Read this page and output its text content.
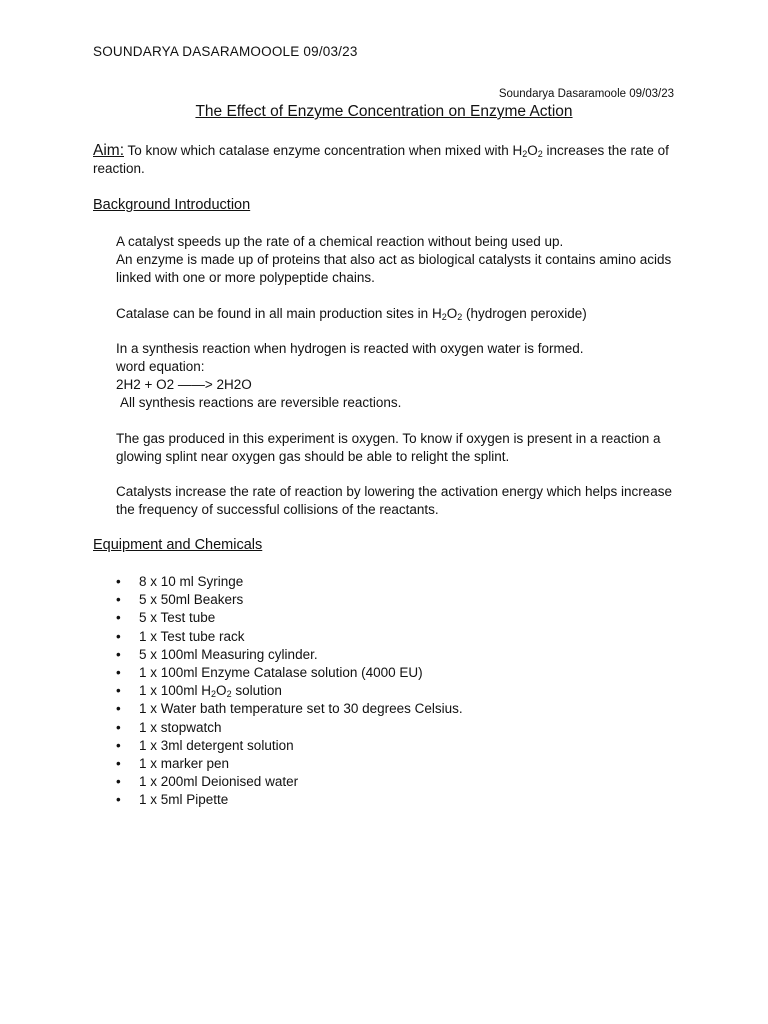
SOUNDARYA DASARAMOOOLE 09/03/23
Soundarya Dasaramoole 09/03/23
The Effect of Enzyme Concentration on Enzyme Action
Aim: To know which catalase enzyme concentration when mixed with $H_2O_2$ increases the rate of reaction.
Background Introduction

A catalyst speeds up the rate of a chemical reaction without being used up.
An enzyme is made up of proteins that also act as biological catalysts it contains amino acids linked with one or more polypeptide chains.

Catalase can be found in all main production sites in $H_2O_2$ (hydrogen peroxide)

In a synthesis reaction when hydrogen is reacted with oxygen water is formed.
word equation:
2H2 + O2 ——> 2H2O
All synthesis reactions are reversible reactions.

The gas produced in this experiment is oxygen. To know if oxygen is present in a reaction a glowing splint near oxygen gas should be able to relight the splint.

Catalysts increase the rate of reaction by lowering the activation energy which helps increase the frequency of successful collisions of the reactants.

Equipment and Chemicals
• 8 x 10 ml Syringe
• 5 x 50ml Beakers
• 5 x Test tube
• 1 x Test tube rack
• 5 x 100ml Measuring cylinder.
• 1 x 100ml Enzyme Catalase solution (4000 EU)
• 1 x 100ml $H_2O_2$ solution
• 1 x Water bath temperature set to 30 degrees Celsius.
• 1 x stopwatch
• 1 x 3ml detergent solution
• 1 x marker pen
• 1 x 200ml Deionised water
• 1 x 5ml Pipette
